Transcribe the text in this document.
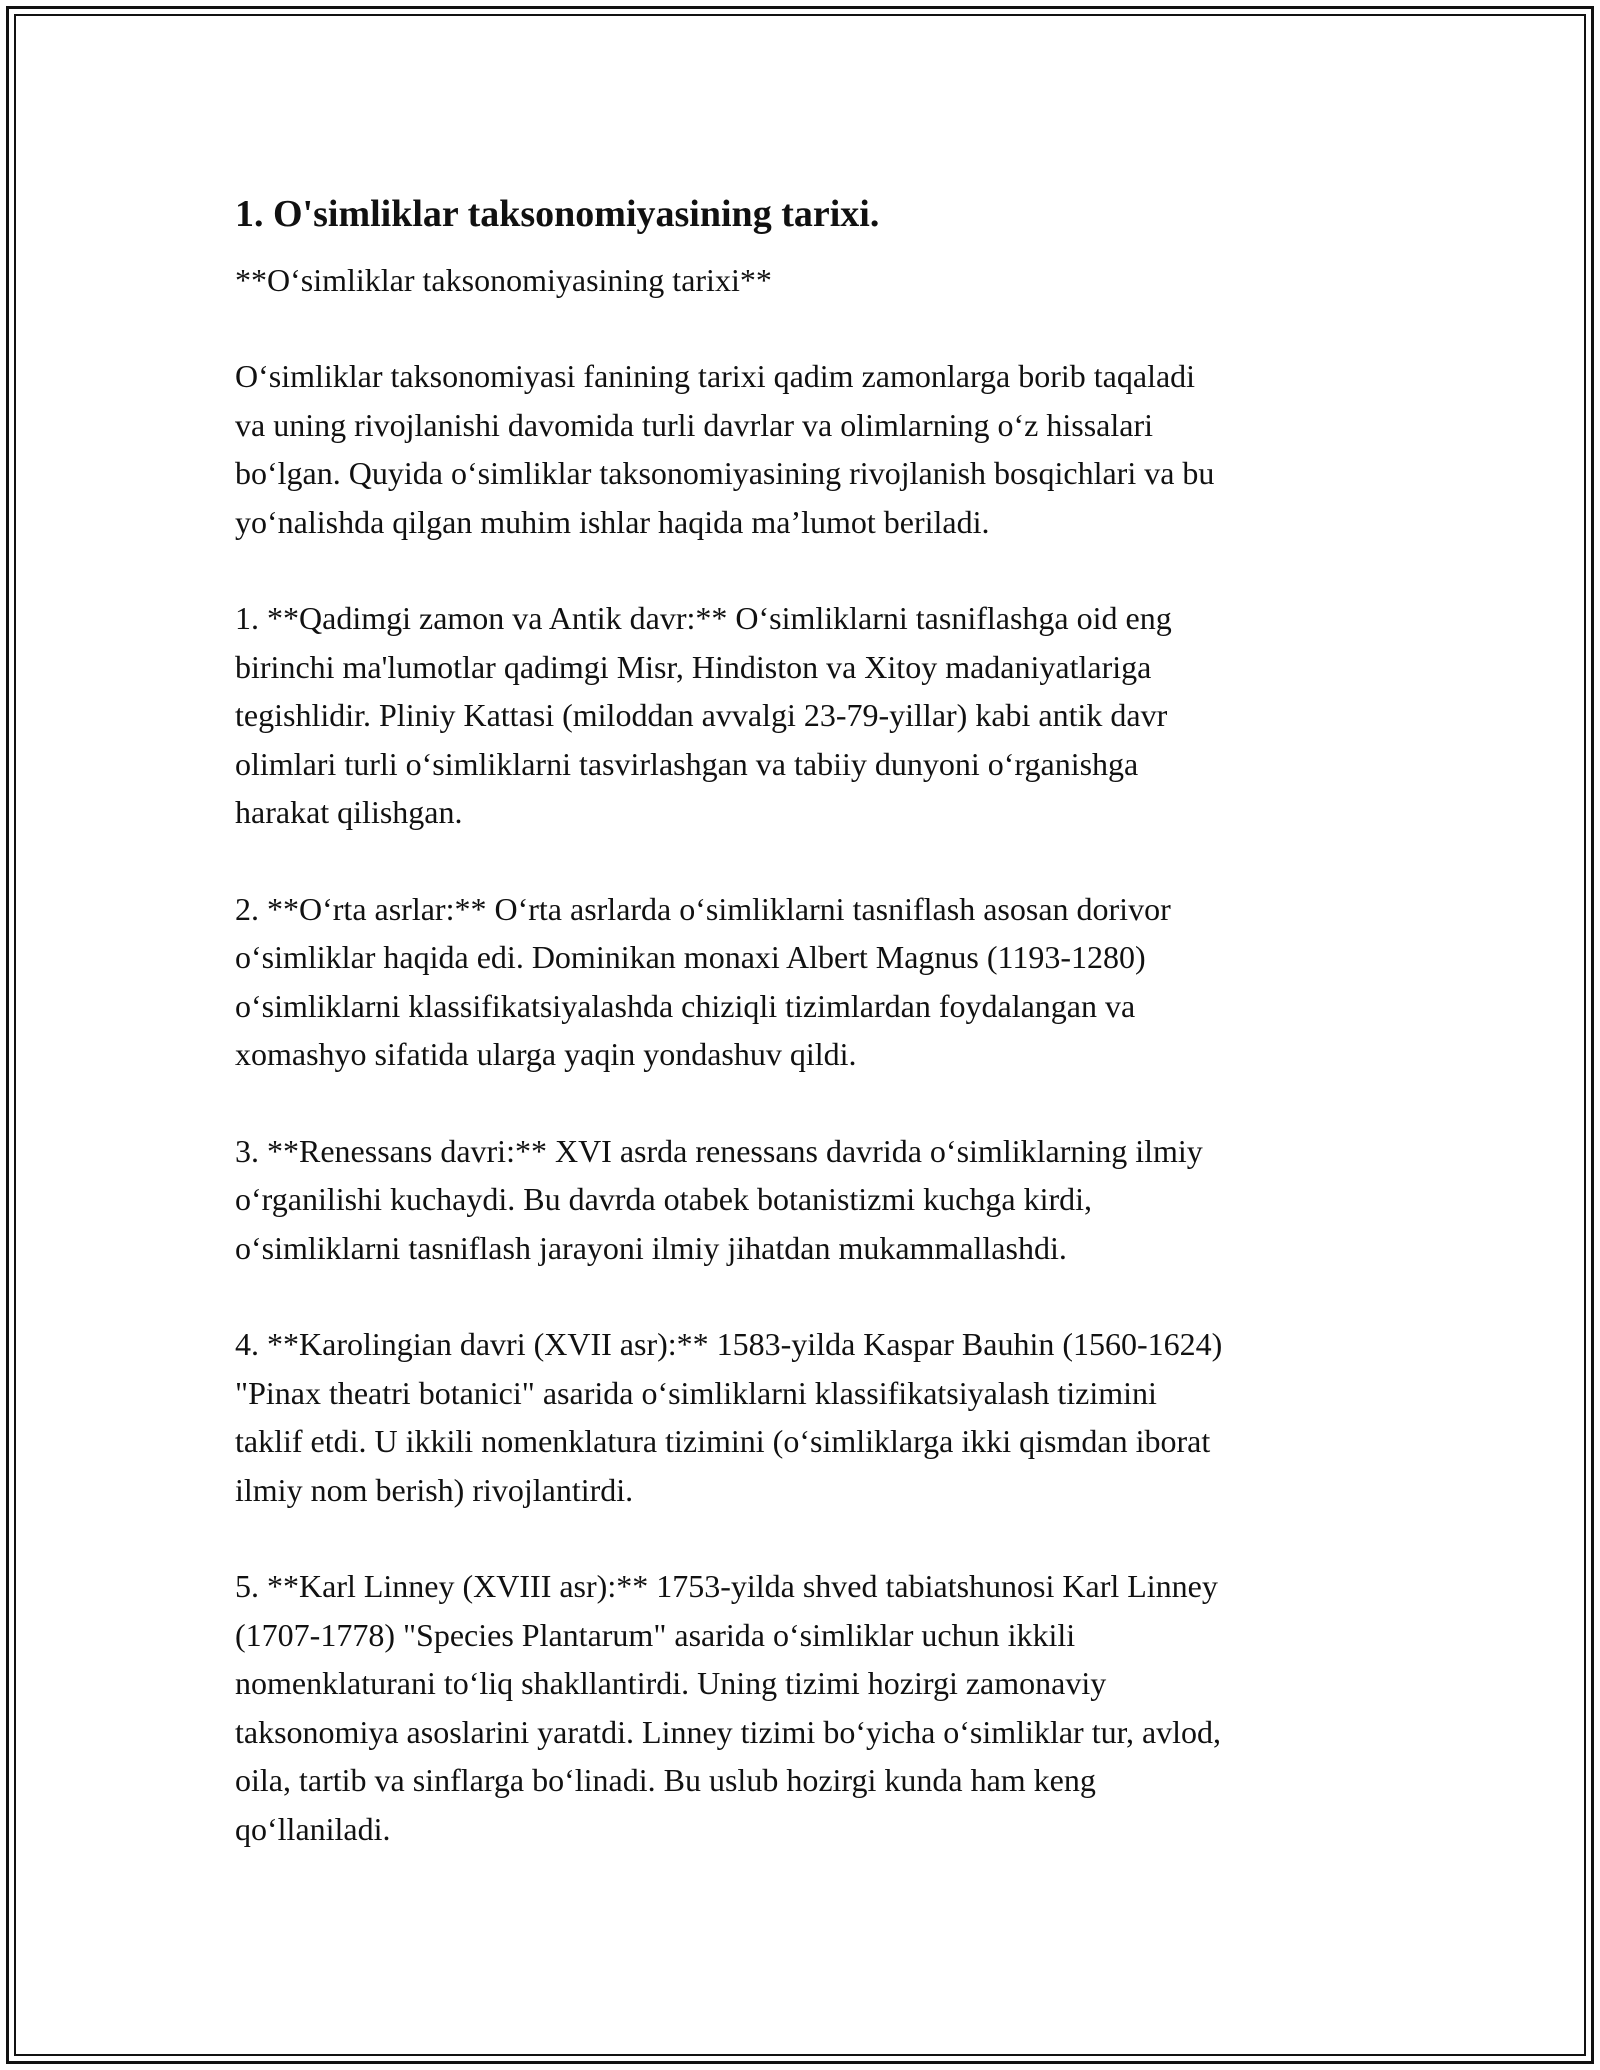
1. O'simliklar taksonomiyasining tarixi.

**O‘simliklar taksonomiyasining tarixi**

O‘simliklar taksonomiyasi fanining tarixi qadim zamonlarga borib taqaladi
va uning rivojlanishi davomida turli davrlar va olimlarning o‘z hissalari
bo‘lgan. Quyida o‘simliklar taksonomiyasining rivojlanish bosqichlari va bu
yo‘nalishda qilgan muhim ishlar haqida ma’lumot beriladi.

1. **Qadimgi zamon va Antik davr:** O‘simliklarni tasniflashga oid eng
birinchi ma'lumotlar qadimgi Misr, Hindiston va Xitoy madaniyatlariga
tegishlidir. Pliniy Kattasi (miloddan avvalgi 23-79-yillar) kabi antik davr
olimlari turli o‘simliklarni tasvirlashgan va tabiiy dunyoni o‘rganishga
harakat qilishgan.

2. **O‘rta asrlar:** O‘rta asrlarda o‘simliklarni tasniflash asosan dorivor
o‘simliklar haqida edi. Dominikan monaxi Albert Magnus (1193-1280)
o‘simliklarni klassifikatsiyalashda chiziqli tizimlardan foydalangan va
xomashyo sifatida ularga yaqin yondashuv qildi.

3. **Renessans davri:** XVI asrda renessans davrida o‘simliklarning ilmiy
o‘rganilishi kuchaydi. Bu davrda otabek botanistizmi kuchga kirdi,
o‘simliklarni tasniflash jarayoni ilmiy jihatdan mukammallashdi.

4. **Karolingian davri (XVII asr):** 1583-yilda Kaspar Bauhin (1560-1624)
"Pinax theatri botanici" asarida o‘simliklarni klassifikatsiyalash tizimini
taklif etdi. U ikkili nomenklatura tizimini (o‘simliklarga ikki qismdan iborat
ilmiy nom berish) rivojlantirdi.

5. **Karl Linney (XVIII asr):** 1753-yilda shved tabiatshunosi Karl Linney
(1707-1778) "Species Plantarum" asarida o‘simliklar uchun ikkili
nomenklaturani to‘liq shakllantirdi. Uning tizimi hozirgi zamonaviy
taksonomiya asoslarini yaratdi. Linney tizimi bo‘yicha o‘simliklar tur, avlod,
oila, tartib va sinflarga bo‘linadi. Bu uslub hozirgi kunda ham keng
qo‘llaniladi.
